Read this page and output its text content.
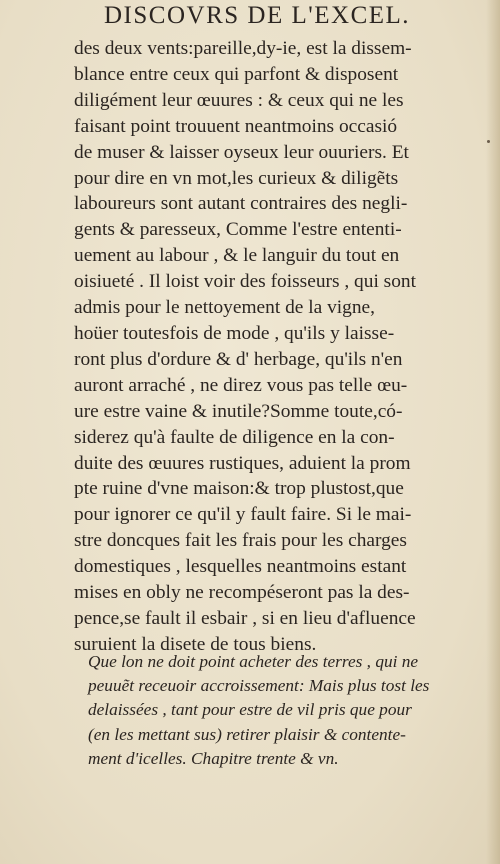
DISCOVRS DE L'EXCEL.
des deux vents:pareille,dy-ie, est la dissem-
blance entre ceux qui parfont & disposent
diligément leur œuures : & ceux qui ne les
faisant point trouuent neantmoins occasió
de muser & laisser oyseux leur ouuriers. Et
pour dire en vn mot,les curieux & diligẽts
laboureurs sont autant contraires des negli-
gents & paresseux, Comme l'estre ententi-
uement au labour , & le languir du tout en
oisiueté . Il loist voir des foisseurs , qui sont
admis pour le nettoyement de la vigne,
hoüer toutesfois de mode , qu'ils y laisse-
ront plus d'ordure & d' herbage, qu'ils n'en
auront arraché , ne direz vous pas telle œu-
ure estre vaine & inutile?Somme toute,có-
siderez qu'à faulte de diligence en la con-
duite des œuures rustiques, aduient la prom
pte ruine d'vne maison:& trop plustost,que
pour ignorer ce qu'il y fault faire. Si le mai-
stre doncques fait les frais pour les charges
domestiques , lesquelles neantmoins estant
mises en obly ne recompéseront pas la des-
pence,se fault il esbair , si en lieu d'afluence
suruient la disete de tous biens.
Que lon ne doit point acheter des terres , qui ne
peuuẽt receuoir accroissement: Mais plus tost les
delaissées , tant pour estre de vil pris que pour
(en les mettant sus) retirer plaisir & contente-
ment d'icelles. Chapitre trente & vn.
